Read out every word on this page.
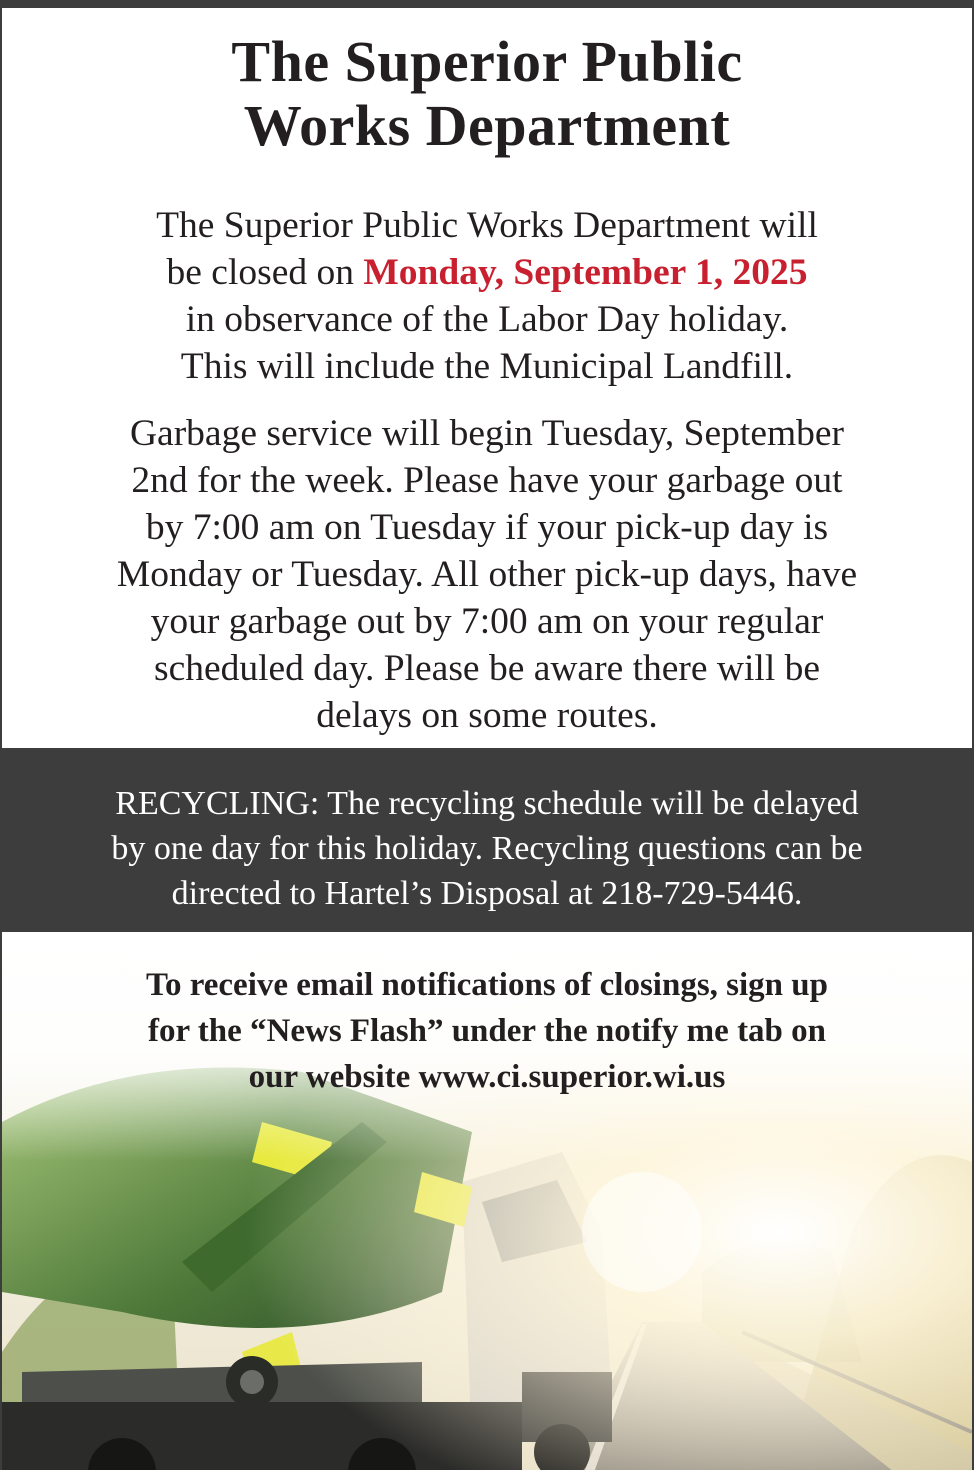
The Superior Public
Works Department

The Superior Public Works Department will
be closed on Monday, September 1, 2025
in observance of the Labor Day holiday.
This will include the Municipal Landfill.

Garbage service will begin Tuesday, September
2nd for the week. Please have your garbage out
by 7:00 am on Tuesday if your pick-up day is
Monday or Tuesday. All other pick-up days, have
your garbage out by 7:00 am on your regular
scheduled day. Please be aware there will be
delays on some routes.

RECYCLING: The recycling schedule will be delayed
by one day for this holiday. Recycling questions can be
directed to Hartel’s Disposal at 218-729-5446.

To receive email notifications of closings, sign up
for the “News Flash” under the notify me tab on
our website www.ci.superior.wi.us
